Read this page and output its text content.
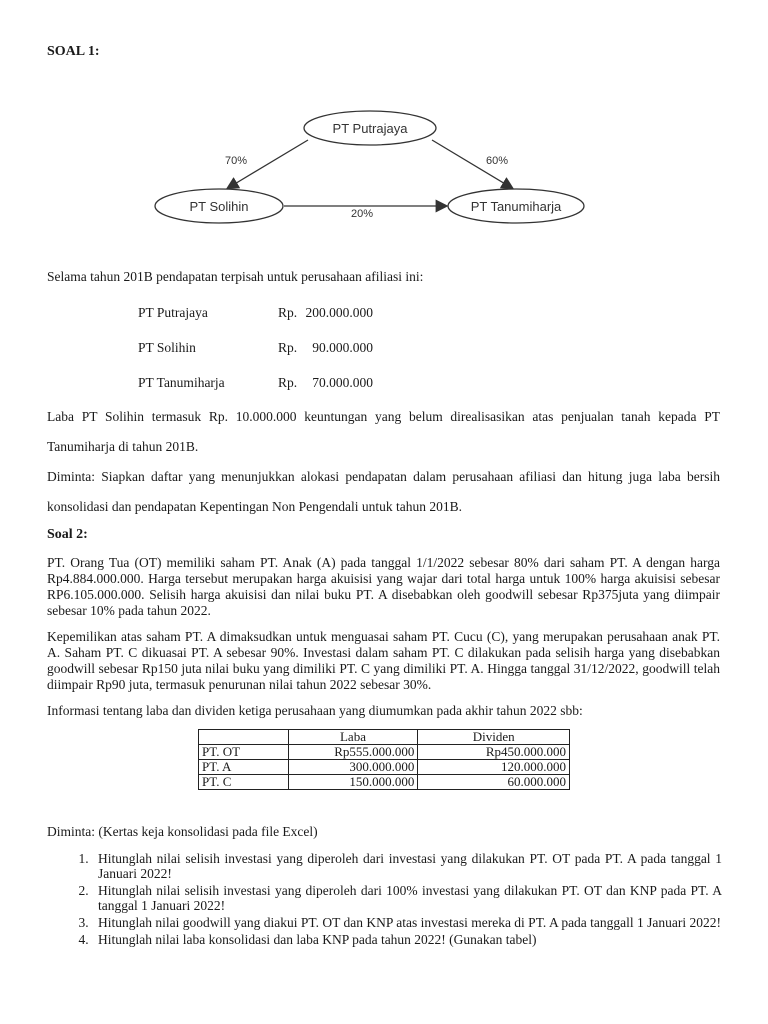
SOAL 1:
PT Putrajaya
PT Solihin	PT Tanumiharja
70%	60%
20%
Selama tahun 201B pendapatan terpisah untuk perusahaan afiliasi ini:
PT Putrajaya	Rp. 200.000.000
PT Solihin	Rp.	90.000.000
PT Tanumiharja	Rp.	70.000.000
Laba PT Solihin termasuk Rp. 10.000.000 keuntungan yang belum direalisasikan atas penjualan tanah kepada PT Tanumiharja di tahun 201B.
Diminta: Siapkan daftar yang menunjukkan alokasi pendapatan dalam perusahaan afiliasi dan hitung juga laba bersih konsolidasi dan pendapatan Kepentingan Non Pengendali untuk tahun 201B.
Soal 2:
PT. Orang Tua (OT) memiliki saham PT. Anak (A) pada tanggal 1/1/2022 sebesar 80% dari saham PT. A dengan harga Rp4.884.000.000. Harga tersebut merupakan harga akuisisi yang wajar dari total harga untuk 100% harga akuisisi sebesar RP6.105.000.000. Selisih harga akuisisi dan nilai buku PT. A disebabkan oleh goodwill sebesar Rp375juta yang diimpair sebesar 10% pada tahun 2022.
Kepemilikan atas saham PT. A dimaksudkan untuk menguasai saham PT. Cucu (C), yang merupakan perusahaan anak PT. A. Saham PT. C dikuasai PT. A sebesar 90%. Investasi dalam saham PT. C dilakukan pada selisih harga yang disebabkan goodwill sebesar Rp150 juta nilai buku yang dimiliki PT. C yang dimiliki PT. A. Hingga tanggal 31/12/2022, goodwill telah diimpair Rp90 juta, termasuk penurunan nilai tahun 2022 sebesar 30%.
Informasi tentang laba dan dividen ketiga perusahaan yang diumumkan pada akhir tahun 2022 sbb:
	Laba	Dividen
PT. OT	Rp555.000.000	Rp450.000.000
PT. A	300.000.000	120.000.000
PT. C	150.000.000	60.000.000
Diminta: (Kertas keja konsolidasi pada file Excel)
1. Hitunglah nilai selisih investasi yang diperoleh dari investasi yang dilakukan PT. OT pada PT. A pada tanggal 1 Januari 2022!
2. Hitunglah nilai selisih investasi yang diperoleh dari 100% investasi yang dilakukan PT. OT dan KNP pada PT. A tanggal 1 Januari 2022!
3. Hitunglah nilai goodwill yang diakui PT. OT dan KNP atas investasi mereka di PT. A pada tanggall 1 Januari 2022!
4. Hitunglah nilai laba konsolidasi dan laba KNP pada tahun 2022! (Gunakan tabel)
